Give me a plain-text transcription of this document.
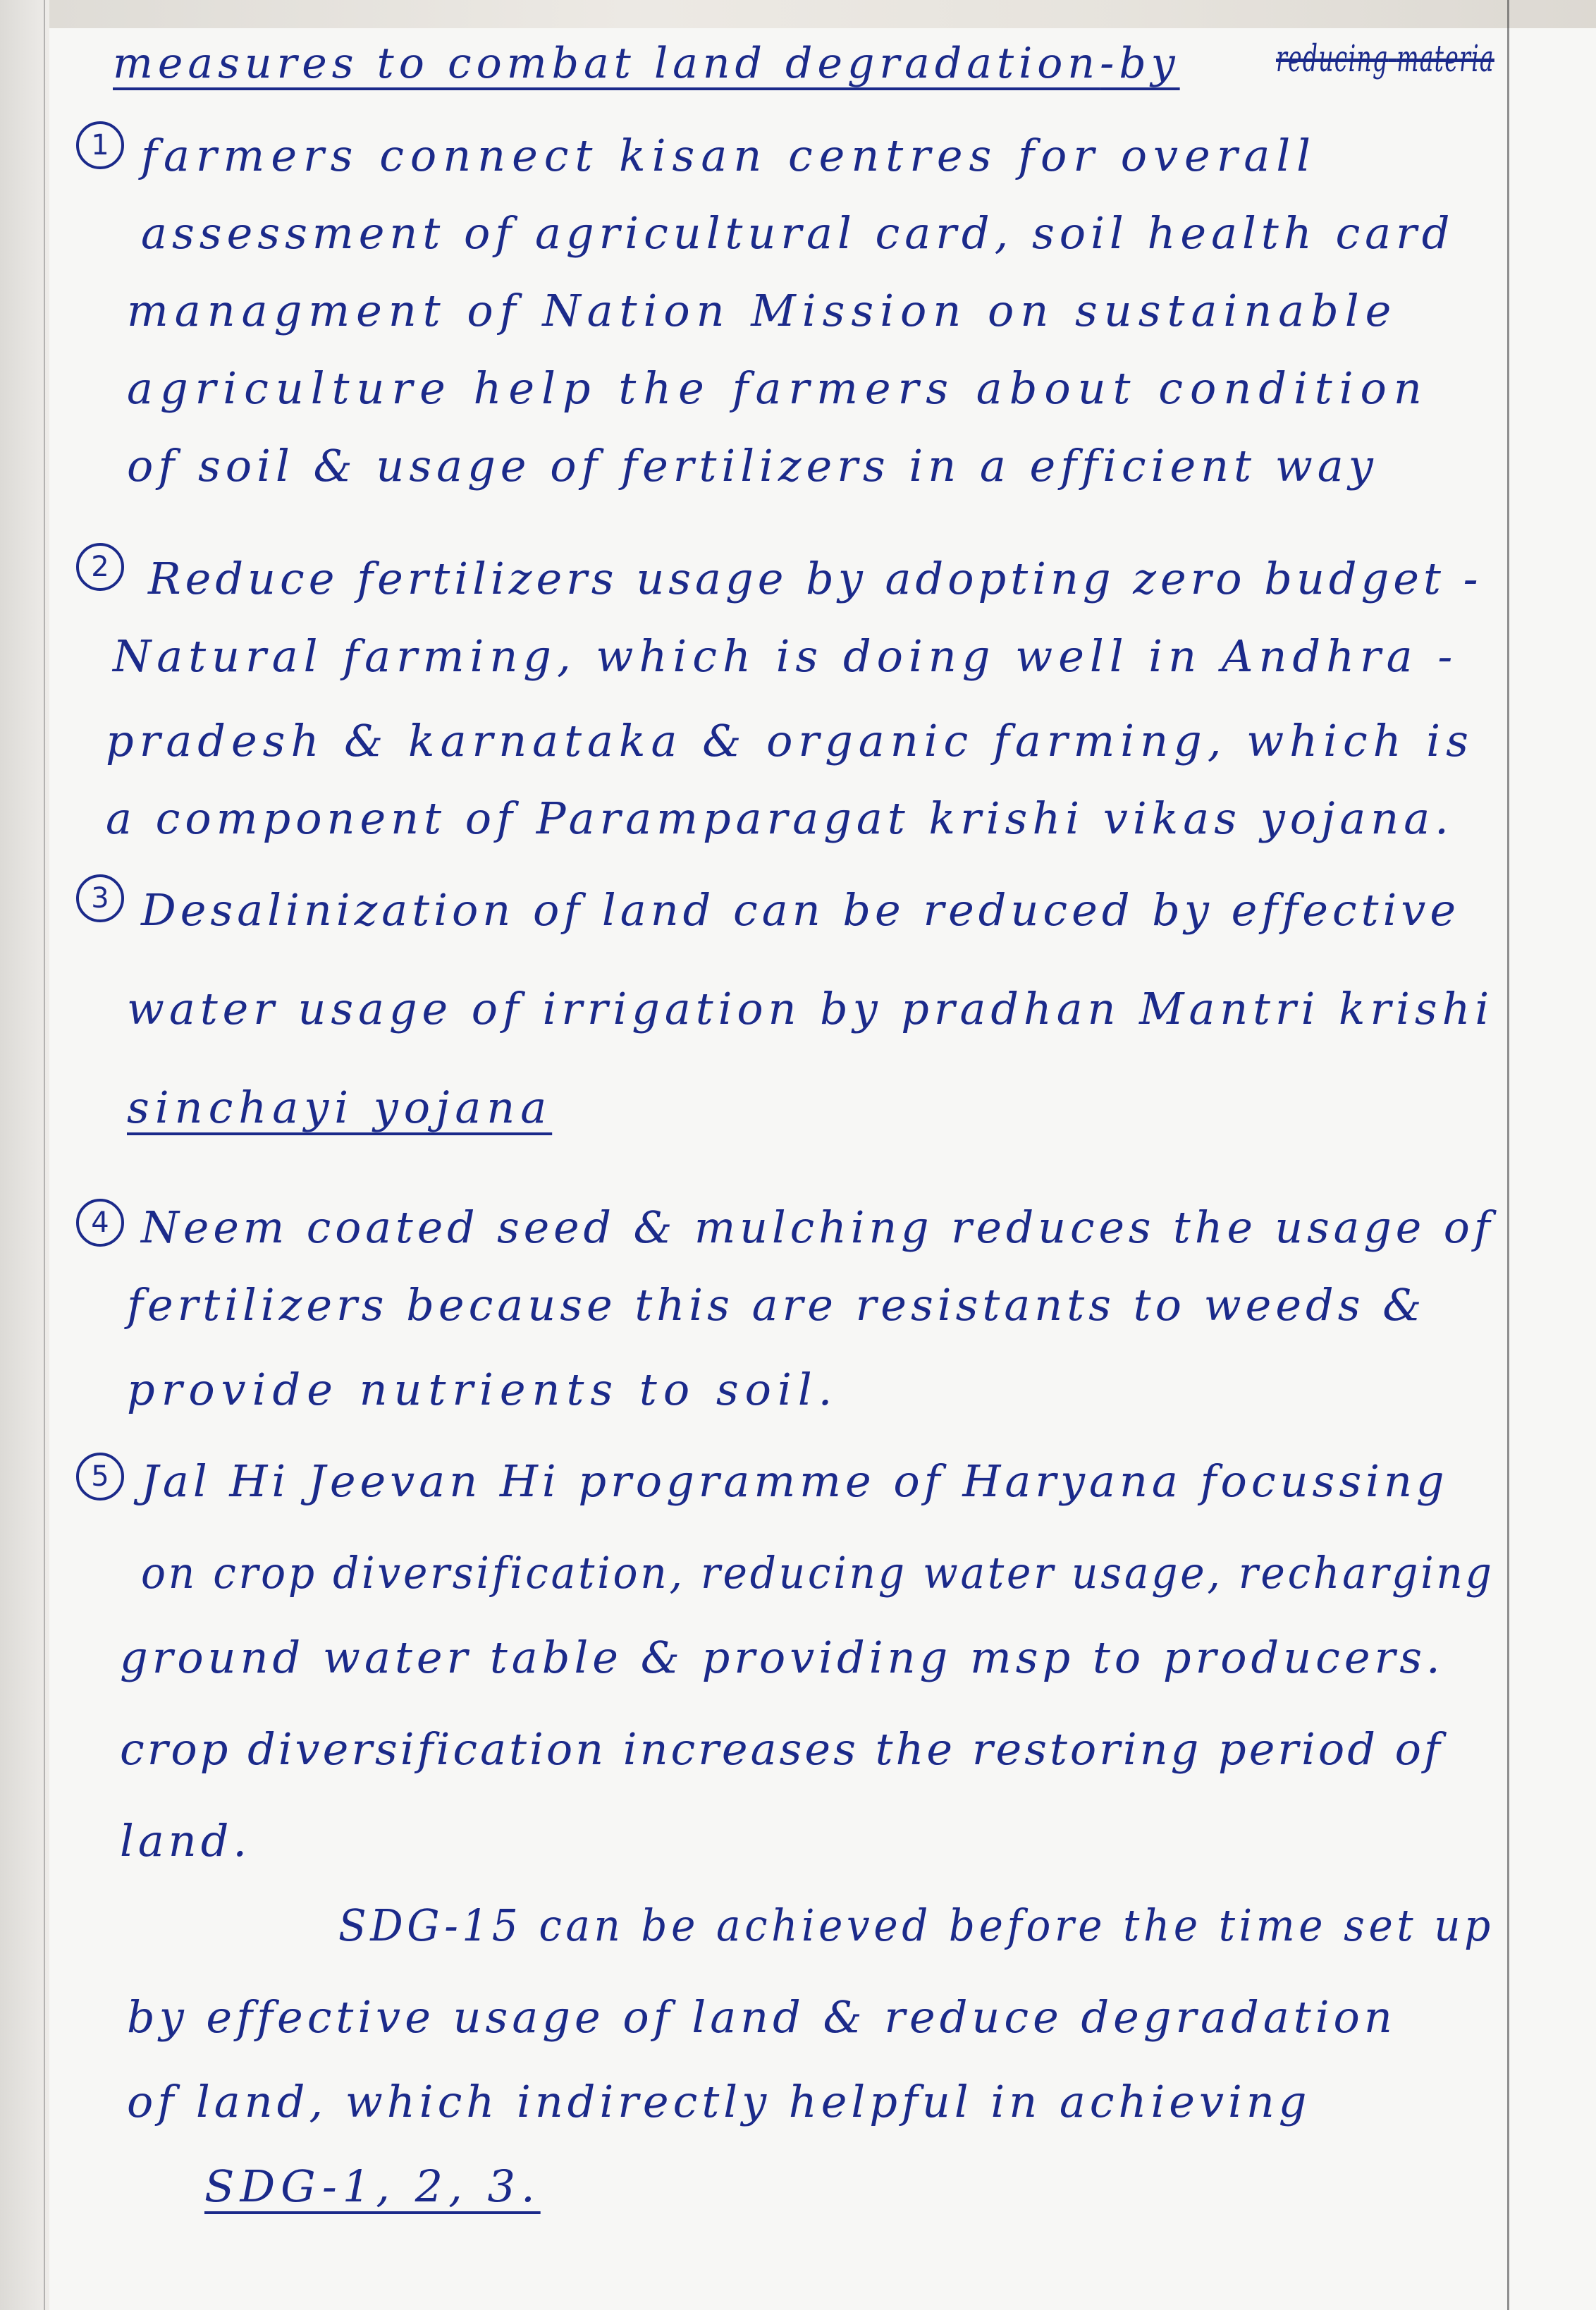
measures to combat land degradation-by	reducing materia
1 farmers connect kisan centres for overall
assessment of agricultural card, soil health card
managment of Nation Mission on sustainable
agriculture help the farmers about condition
of soil & usage of fertilizers in a efficient way
2 Reduce fertilizers usage by adopting zero budget -
Natural farming, which is doing well in Andhra -
pradesh & karnataka & organic farming, which is
a component of Paramparagat krishi vikas yojana.
3 Desalinization of land can be reduced by effective
water usage of irrigation by pradhan Mantri krishi
sinchayi yojana
4 Neem coated seed & mulching reduces the usage of
fertilizers because this are resistants to weeds &
provide nutrients to soil.
5 Jal Hi Jeevan Hi programme of Haryana focussing
on crop diversification, reducing water usage, recharging
ground water table & providing msp to producers.
crop diversification increases the restoring period of
land.
SDG-15 can be achieved before the time set up
by effective usage of land & reduce degradation
of land, which indirectly helpful in achieving
SDG-1, 2, 3.
